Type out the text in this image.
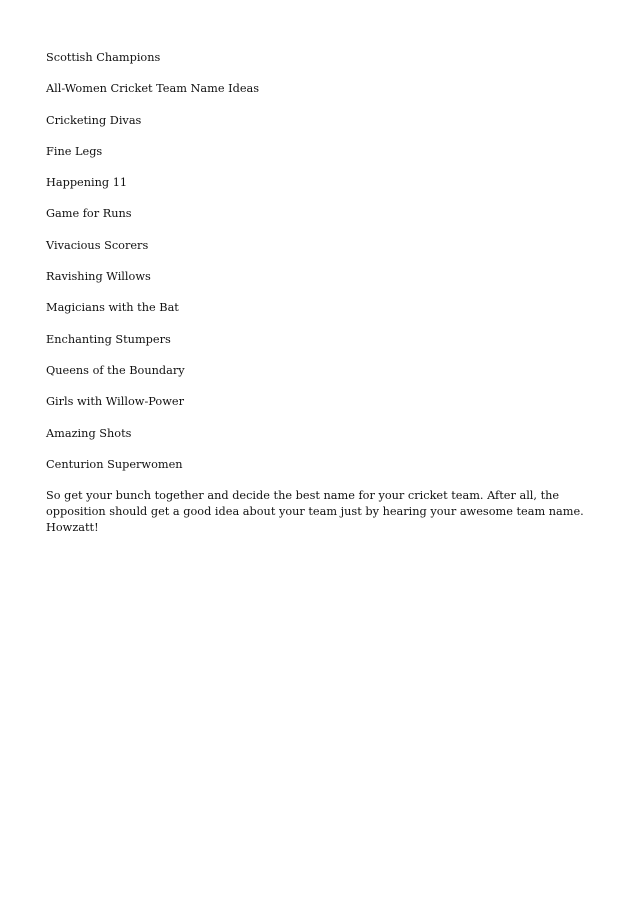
Scottish Champions

All-Women Cricket Team Name Ideas

Cricketing Divas

Fine Legs

Happening 11

Game for Runs

Vivacious Scorers

Ravishing Willows

Magicians with the Bat

Enchanting Stumpers

Queens of the Boundary

Girls with Willow-Power

Amazing Shots

Centurion Superwomen

So get your bunch together and decide the best name for your cricket team. After all, the opposition should get a good idea about your team just by hearing your awesome team name. Howzatt!
